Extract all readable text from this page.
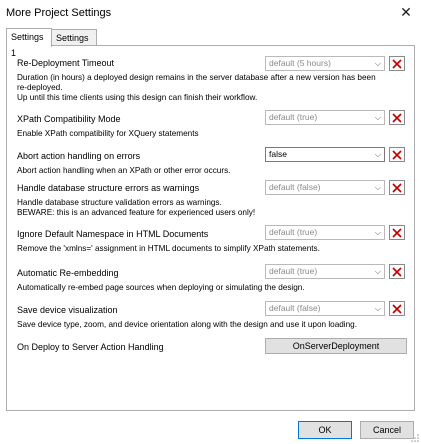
More Project Settings	✕
Settings 1
Settings
Re-Deployment Timeout
Duration (in hours) a deployed design remains in the server database after a new version has been
re-deployed.
Up until this time clients using this design can finish their workflow.
default (5 hours)	⌵
XPath Compatibility Mode
Enable XPath compatibility for XQuery statements
default (true)	⌵
Abort action handling on errors
Abort action handling when an XPath or other error occurs.
false	⌵
Handle database structure errors as warnings
Handle database structure validation errors as warnings.
BEWARE: this is an advanced feature for experienced users only!
default (false)	⌵
Ignore Default Namespace in HTML Documents
Remove the 'xmlns=' assignment in HTML documents to simplify XPath statements.
default (true)	⌵
Automatic Re-embedding
Automatically re-embed page sources when deploying or simulating the design.
default (true)	⌵
Save device visualization
Save device type, zoom, and device orientation along with the design and use it upon loading.
default (false)	⌵
On Deploy to Server Action Handling	OnServerDeployment
OK	Cancel
